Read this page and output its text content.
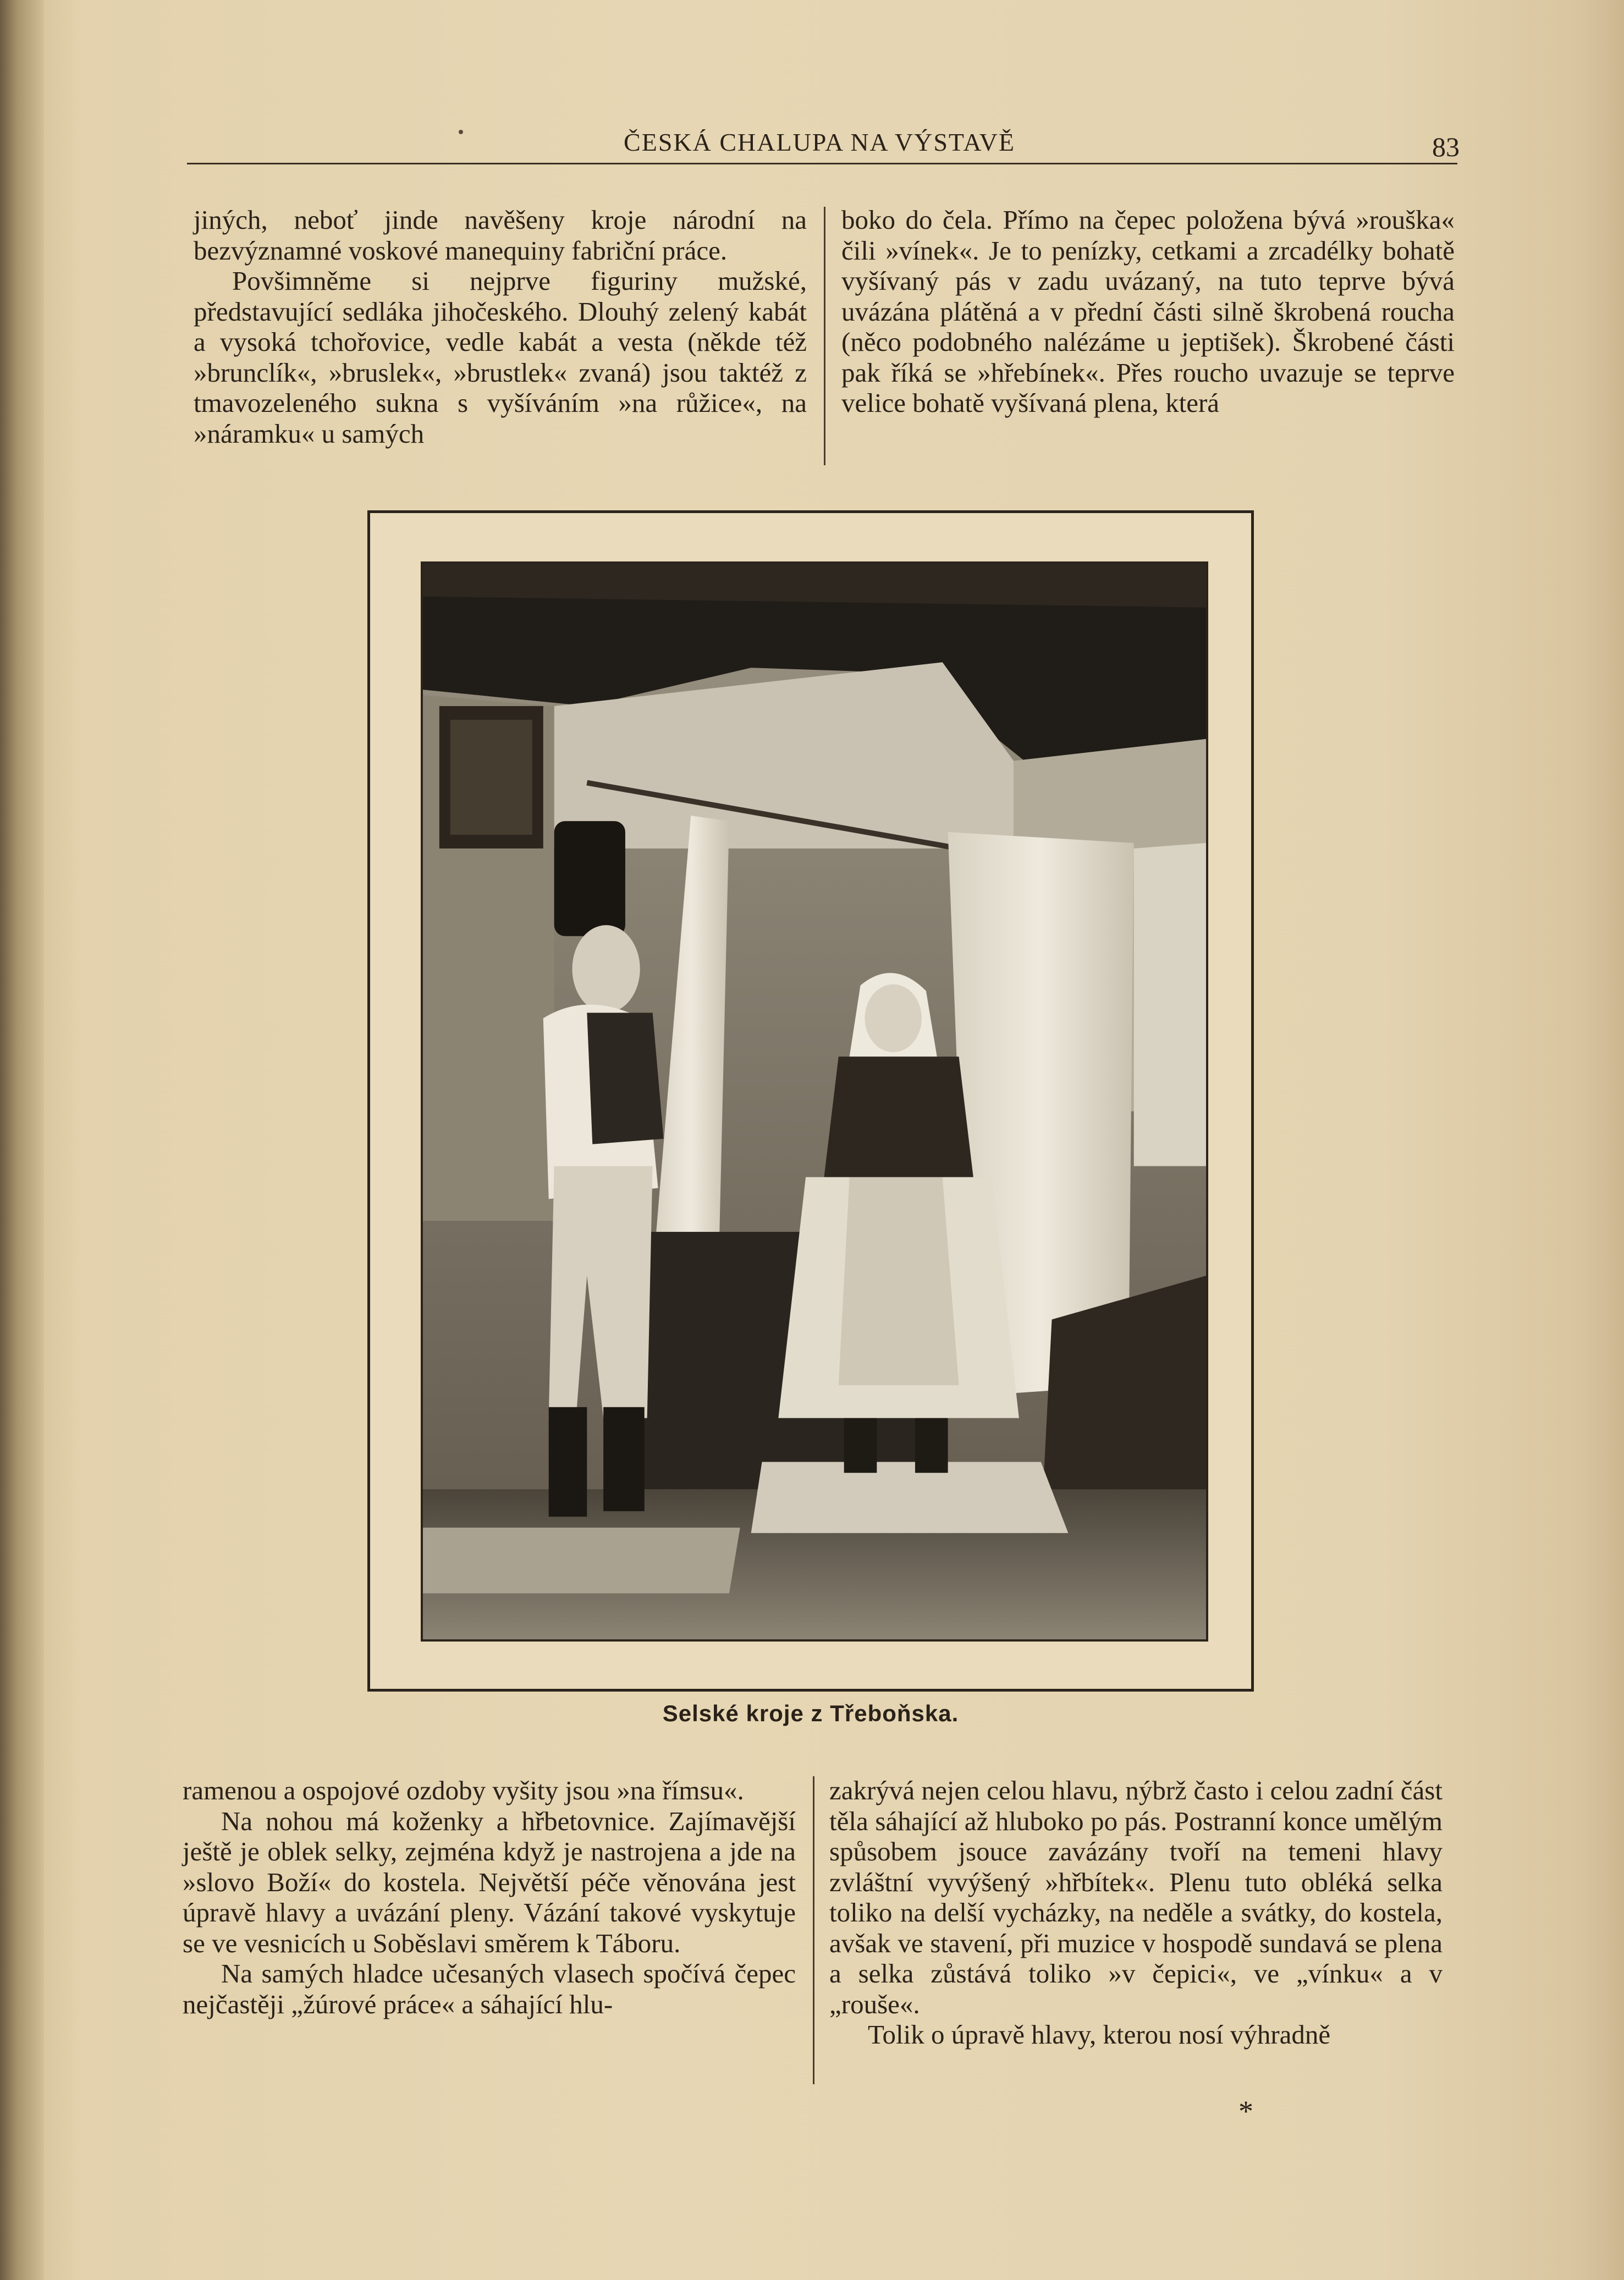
ČESKÁ CHALUPA NA VÝSTAVĚ	83

jiných, neboť jinde navěšeny kroje národní na bezvýznamné voskové manequiny fabriční práce.

Povšimněme si nejprve figuriny mužské, představující sedláka jihočeského. Dlouhý zelený kabát a vysoká tchořovice, vedle kabát a vesta (někde též »brunclík«, »bruslek«, »brustlek« zvaná) jsou taktéž z tmavozeleného sukna s vyšíváním »na růžice«, na »náramku« u samých

boko do čela. Přímo na čepec položena bývá »rouška« čili »vínek«. Je to penízky, cetkami a zrcadélky bohatě vyšívaný pás v zadu uvázaný, na tuto teprve bývá uvázána plátěná a v přední části silně škrobená roucha (něco podobného nalézáme u jeptišek). Škrobené části pak říká se »hřebínek«. Přes roucho uvazuje se teprve velice bohatě vyšívaná plena, která

Selské kroje z Třeboňska.

ramenou a ospojové ozdoby vyšity jsou »na římsu«.

Na nohou má koženky a hřbetovnice. Zajímavější ještě je oblek selky, zejména když je nastrojena a jde na »slovo Boží« do kostela. Největší péče věnována jest úpravě hlavy a uvázání pleny. Vázání takové vyskytuje se ve vesnicích u Soběslavi směrem k Táboru.

Na samých hladce učesaných vlasech spočívá čepec nejčastěji „žúrové práce« a sáhající hlu-

zakrývá nejen celou hlavu, nýbrž často i celou zadní část těla sáhající až hluboko po pás. Postranní konce umělým spůsobem jsouce zavázány tvoří na temeni hlavy zvláštní vyvýšený »hřbítek«. Plenu tuto obléká selka toliko na delší vycházky, na neděle a svátky, do kostela, avšak ve stavení, při muzice v hospodě sundavá se plena a selka zůstává toliko »v čepici«, ve „vínku« a v „rouše«.

Tolik o úpravě hlavy, kterou nosí výhradně

*
